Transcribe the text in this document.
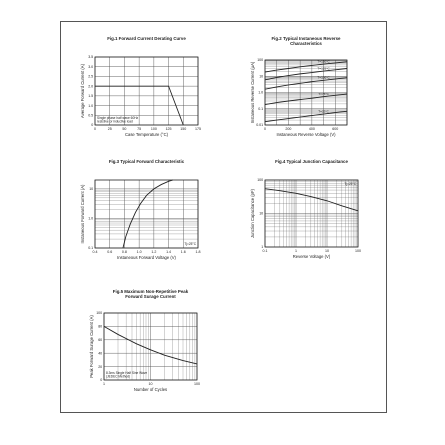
Fig.1 Forward Current Derating Curve
0	25	50	75	100 125 150 175
0
0.5
1.0
1.5
2.0
2.5
3.0
3.5
Case Temperature (°C)
Average Forward Current (A)	Single phase half wave 60Hz
resistive or inductive load
Fig.2 Typical Instaneous Reverse
Characteristics
0	200	400	600
0.01
0.1
1.0
10
100
Instaneous Reverse Voltage (V)
Instaneous Reverse Current (µA)
T=150°C
T=125°C
T=100°C
T=75°C
T=25°C
Fig.3 Typical Forward Characteristic
0.4	0.6	0.8	1.0	1.2	1.4	1.6	1.8
0.1
1.0
10
Instaneous Forward Voltage (V)
Instaneous Forward Current (A)
Tj=25°C
Fig.4 Typical Junction Capacitance
0.1	1	10	100
1
10
100
Reverse Voltage (V)
Junction Capacitance (pF)
Tj=25°C
Fig.5 Maximum Non-Repetitive Peak
Forward Surage Current
1	10	100
0
20
40
60
80
100
Number of Cycles
Peak Forward Surage Current (A)	8.3ms Single Half Sine Wave
(JEDEC Method)
